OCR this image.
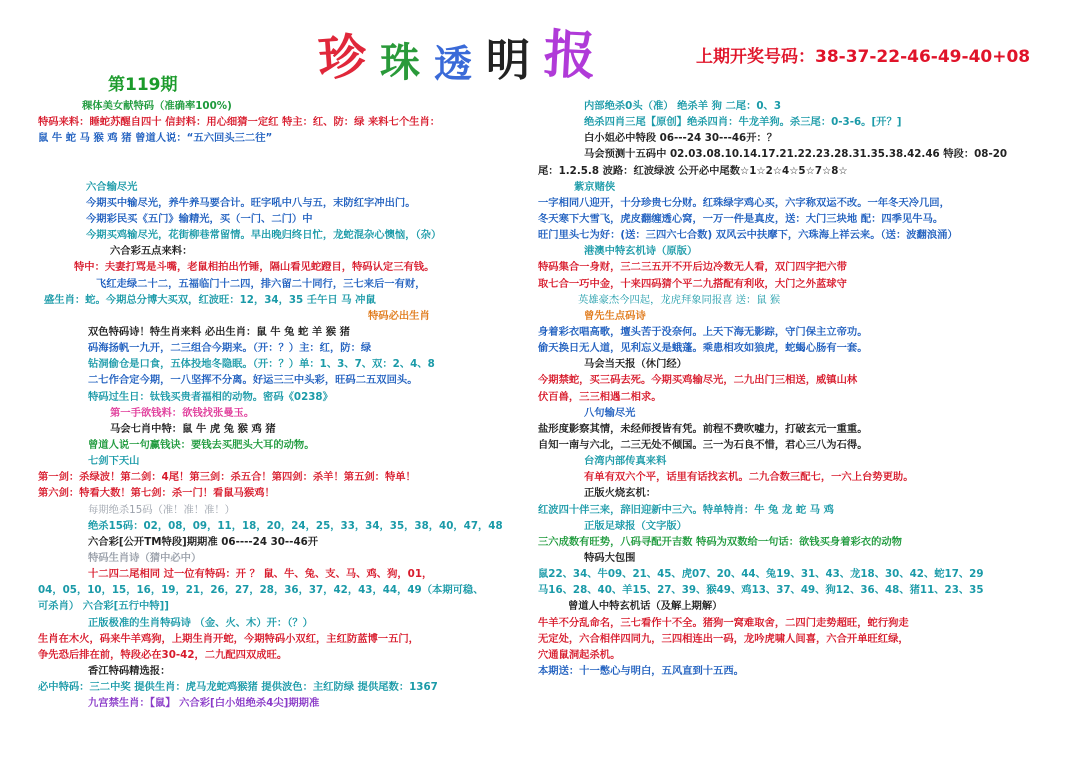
珍 珠 透 明 报	上期开奖号码：38-37-22-46-49-40+08
第119期
稞体美女献特码（准确率100%)
特码来料：睡蛇苏醒自四十 信封料：用心细猜一定红 特主：红、防：绿 来料七个生肖：
鼠 牛 蛇 马 猴 鸡 猪 曾道人说：“五六回头三二往”
六合输尽光
今期买中输尽光，养牛养马要合计。旺字吼中八与五，末防红字冲出门。
今期彩民买《五门》输精光，买（一门、二门）中
今期买鸡输尽光，花街柳巷常留情。早出晚归终日忙，龙蛇混杂心懊恼，（杂）
六合彩五点来料：
特中：夫妻打骂是斗嘴，老鼠相拍出竹锤，隔山看见蛇蹬目，特码认定三有钱。
飞红走绿二十二，五福临门十二四，排六留二十同行，三七来后一有财，
盛生肖：蛇。今期总分博大买双，红波旺：12，34，35 壬午日 马 冲鼠
特码必出生肖
双色特码诗！特生肖来料 必出生肖：鼠 牛 兔 蛇 羊 猴 猪
码海扬帆一九开，二三组合今期来。（开：？）主：红，防：绿
钻洞偷仓是口食，五体投地冬隐眠。（开：？）单：1、3、7、双：2、4、8
二七作合定今期，一八坚挥不分离。好运三三中头彩，旺码二五双回头。
特码过生日：钛钱买贵者福相的动物。密码《0238》
第一手欲钱料：欲钱找张曼玉。
马会七肖中特：鼠 牛 虎 兔 猴 鸡 猪
曾道人说一句赢钱诀：要钱去买肥头大耳的动物。
七剑下天山
第一剑：杀绿波！第二剑：4尾！第三剑：杀五合！第四剑：杀羊！第五剑：特单！
第六剑：特看大数！第七剑：杀一门！看鼠马猴鸡！
每期绝杀15码（准！准！准！）
绝杀15码：02，08，09，11，18，20，24，25，33，34，35，38，40，47，48
六合彩[公开TM特段]期期准 06----24 30--46开
特码生肖诗（猜中必中）
十二四二尾相同 过一位有特码：开 ？ 鼠、牛、兔、支、马、鸡、狗，01，
04，05，10，15，16，19，21，26，27，28，36，37，42，43，44，49（本期可稳、
可杀肖） 六合彩[五行中特]]
正版极准的生肖特码诗 （金、火、木）开：（？）
生肖在木火，码来牛羊鸡狗，上期生肖开蛇，今期特码小双红，主红防蓝博一五门，
争先恐后排在前，特段必在30-42，二九配四双成旺。
香江特码精选报：
必中特码：三二中奖 提供生肖：虎马龙蛇鸡猴猪 提供波色：主红防绿 提供尾数：1367
九宫禁生肖：【鼠】 六合彩[白小姐绝杀4尖]期期准
内部绝杀0头（准） 绝杀羊 狗 二尾：0、3
绝杀四肖三尾【原创】绝杀四肖：牛龙羊狗。杀三尾：0-3-6。[开？]
白小姐必中特段 06---24 30---46开：？
马会预测十五码中 02.03.08.10.14.17.21.22.23.28.31.35.38.42.46 特段：08-20
尾：1.2.5.8 波路：红波绿波 公开必中尾数☆1☆2☆4☆5☆7☆8☆
紫京赌侠
一字相同八迎开，十分珍贵七分财。红珠绿字鸡心买，六字称双运不改。一年冬天冷几回，
冬天寒下大雪飞，虎皮翻缠透心窝，一万一件是真皮，送：大门三块地 配：四季见牛马。
旺门里头七为好：(送：三四六七合数) 双风云中扶摩下，六珠海上祥云来。（送：波翻浪涌）
港澳中特玄机诗（原版）
特码集合一身财，三二三五开不开后边冷数无人看，双门四字把六带
取七合一巧中金，十来四码猜个平二九搭配有利收，大门之外蓝球守
英雄豪杰今四起，龙虎拜象同报喜 送：鼠 猴
曾先生点码诗
身着彩衣唱高歌，壇头苦于没奈何。上天下海无影踪，守门保主立帝功。
偷天换日无人道，见利忘义是蛾蓬。乘患相攻如狼虎，蛇蝎心肠有一套。
马会当天报（休门经）
今期禁蛇，买三码去死。今期买鸡输尽光，二九出门三相送，威镇山林
伏百兽，三三相遇二相求。
八句输尽光
盐形度影察其情，未经师授皆有凭。前程不费吹嘘力，打破玄元一重重。
自知一南与六北，二三无处不倾国。三一为石良不惜，君心三八为石得。
台湾内部传真来料
有单有双六个平，话里有话找玄机。二九合数三配七，一六上台势更助。
正版火烧玄机：
红波四十伴三来，辞旧迎新中三六。特单特肖：牛 兔 龙 蛇 马 鸡
正版足球报（文字版）
三六成数有旺势，八码寻配开吉数 特码为双数给一句话：欲钱买身着彩衣的动物
特码大包围
鼠22、34、牛09、21、45、虎07、20、44、兔19、31、43、龙18、30、42、蛇17、29
马16、28、40、羊15、27、39、猴49、鸡13、37、49、狗12、36、48、猪11、23、35
曾道人中特玄机话（及解上期解）
牛羊不分乱命名，三七看作十不全。猪狗一窝难取舍，二四门走势超旺，蛇行狗走
无定处，六合相伴四同九，三四相连出一码，龙吟虎啸人间喜，六合开单旺红绿，
穴通鼠洞起杀机。
本期送：十一憋心与明白，五风直到十五西。
